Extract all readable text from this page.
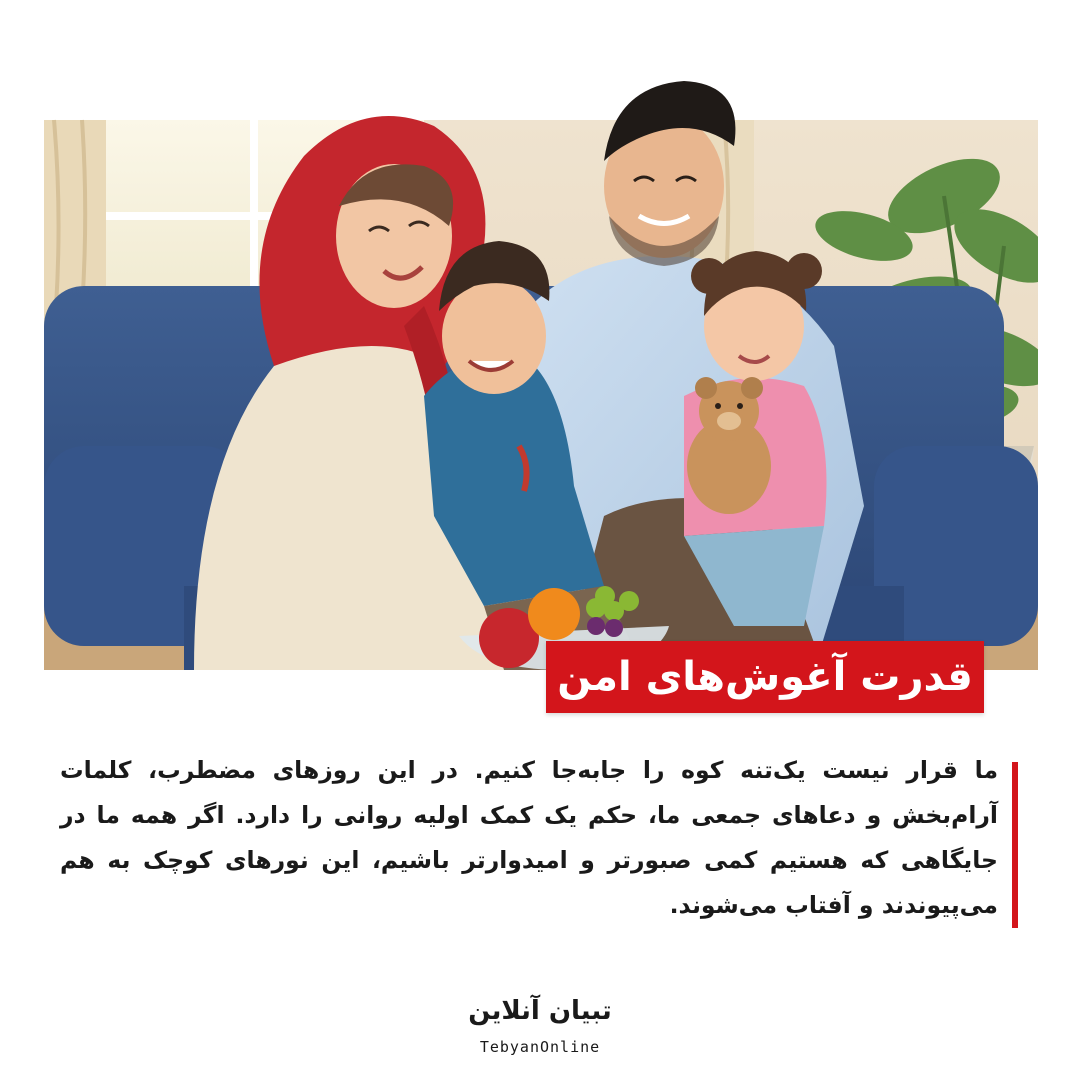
قدرت آغوش‌های امن

ما قرار نیست یک‌تنه کوه را جابه‌جا کنیم. در این روزهای مضطرب، کلمات آرام‌بخش و دعاهای جمعی ما، حکم یک کمک اولیه روانی را دارد. اگر همه ما در جایگاهی که هستیم کمی صبورتر و امیدوارتر باشیم، این نورهای کوچک به هم می‌پیوندند و آفتاب می‌شوند.

تبیان آنلاین
TebyanOnline
